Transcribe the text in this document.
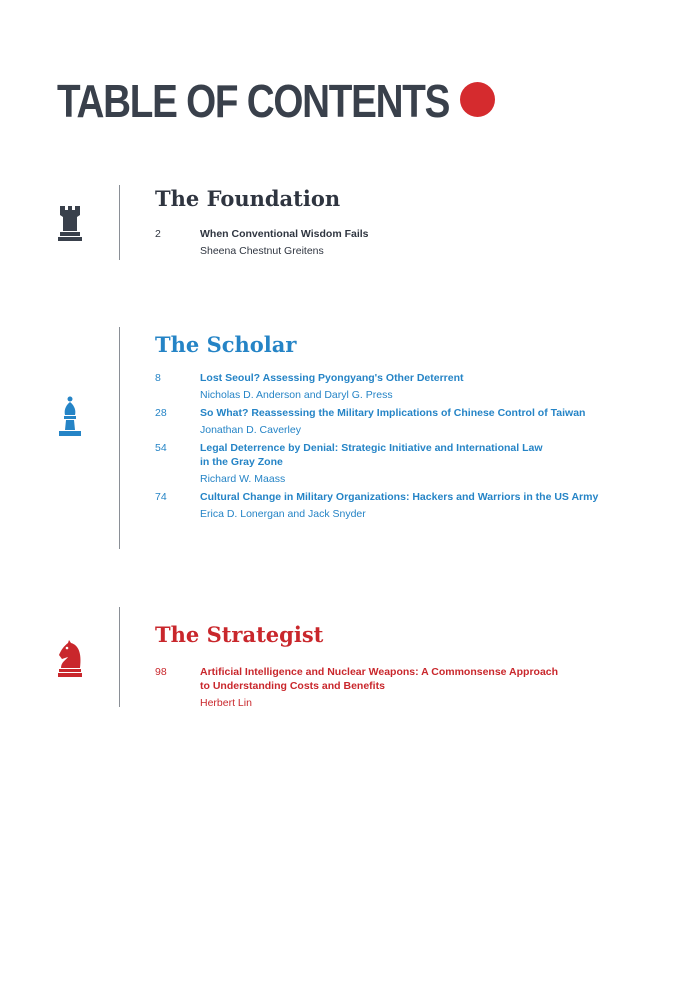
TABLE OF CONTENTS
The Foundation
2	When Conventional Wisdom Fails
Sheena Chestnut Greitens
The Scholar
8	Lost Seoul? Assessing Pyongyang's Other Deterrent
Nicholas D. Anderson and Daryl G. Press
28	So What? Reassessing the Military Implications of Chinese Control of Taiwan
Jonathan D. Caverley
54	Legal Deterrence by Denial: Strategic Initiative and International Law
in the Gray Zone
Richard W. Maass
74	Cultural Change in Military Organizations: Hackers and Warriors in the US Army
Erica D. Lonergan and Jack Snyder
The Strategist
98	Artificial Intelligence and Nuclear Weapons: A Commonsense Approach
to Understanding Costs and Benefits
Herbert Lin
